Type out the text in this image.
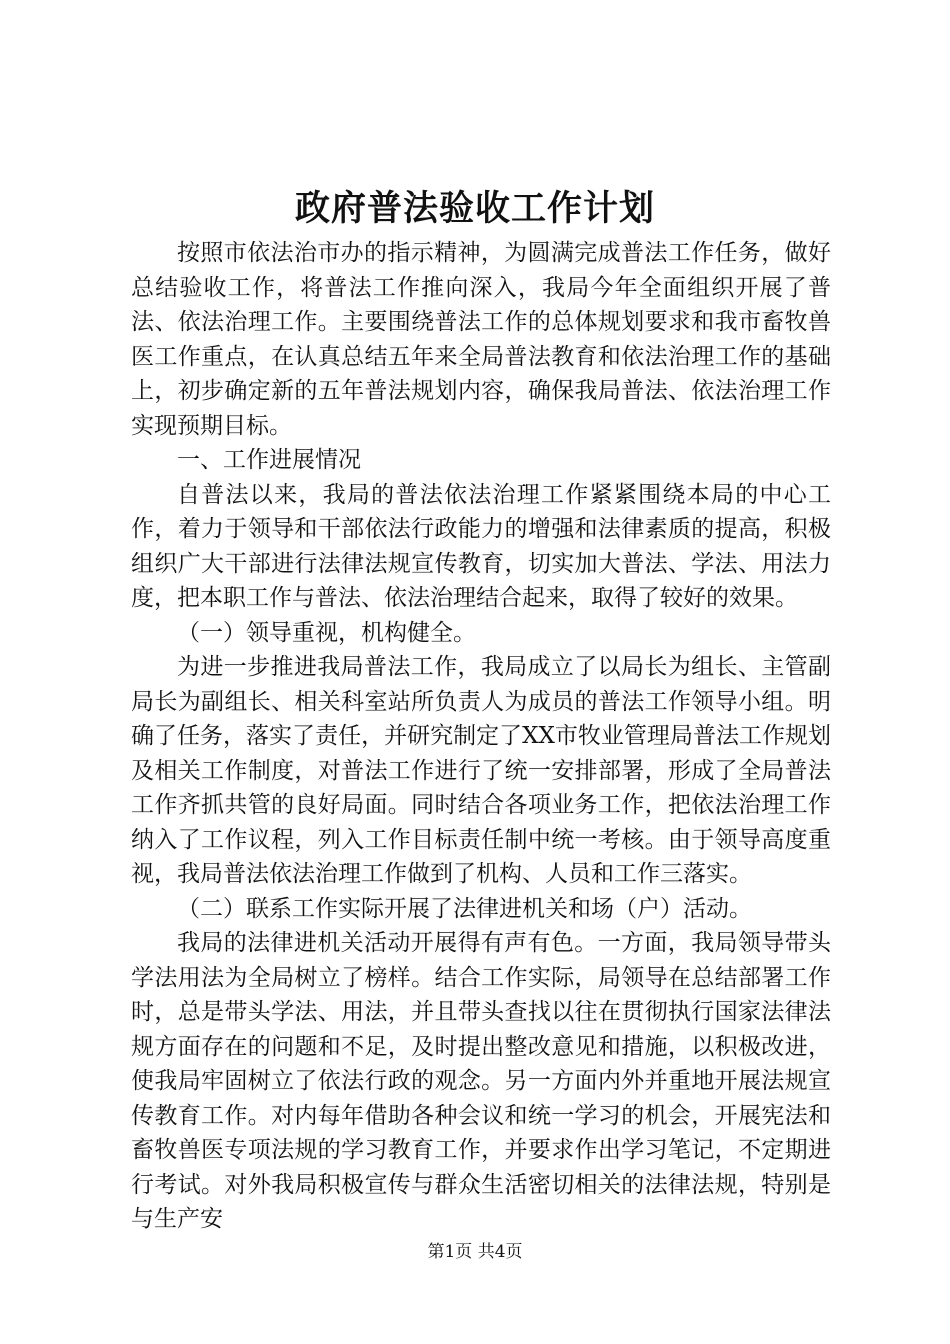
政府普法验收工作计划

按照市依法治市办的指示精神，为圆满完成普法工作任务，做好总结验收工作，将普法工作推向深入，我局今年全面组织开展了普法、依法治理工作。主要围绕普法工作的总体规划要求和我市畜牧兽医工作重点，在认真总结五年来全局普法教育和依法治理工作的基础上，初步确定新的五年普法规划内容，确保我局普法、依法治理工作实现预期目标。

一、工作进展情况

自普法以来，我局的普法依法治理工作紧紧围绕本局的中心工作，着力于领导和干部依法行政能力的增强和法律素质的提高，积极组织广大干部进行法律法规宣传教育，切实加大普法、学法、用法力度，把本职工作与普法、依法治理结合起来，取得了较好的效果。

（一）领导重视，机构健全。

为进一步推进我局普法工作，我局成立了以局长为组长、主管副局长为副组长、相关科室站所负责人为成员的普法工作领导小组。明确了任务，落实了责任，并研究制定了XX市牧业管理局普法工作规划及相关工作制度，对普法工作进行了统一安排部署，形成了全局普法工作齐抓共管的良好局面。同时结合各项业务工作，把依法治理工作纳入了工作议程，列入工作目标责任制中统一考核。由于领导高度重视，我局普法依法治理工作做到了机构、人员和工作三落实。

（二）联系工作实际开展了法律进机关和场（户）活动。

我局的法律进机关活动开展得有声有色。一方面，我局领导带头学法用法为全局树立了榜样。结合工作实际，局领导在总结部署工作时，总是带头学法、用法，并且带头查找以往在贯彻执行国家法律法规方面存在的问题和不足，及时提出整改意见和措施，以积极改进，使我局牢固树立了依法行政的观念。另一方面内外并重地开展法规宣传教育工作。对内每年借助各种会议和统一学习的机会，开展宪法和畜牧兽医专项法规的学习教育工作，并要求作出学习笔记，不定期进行考试。对外我局积极宣传与群众生活密切相关的法律法规，特别是与生产安

第1页 共4页
